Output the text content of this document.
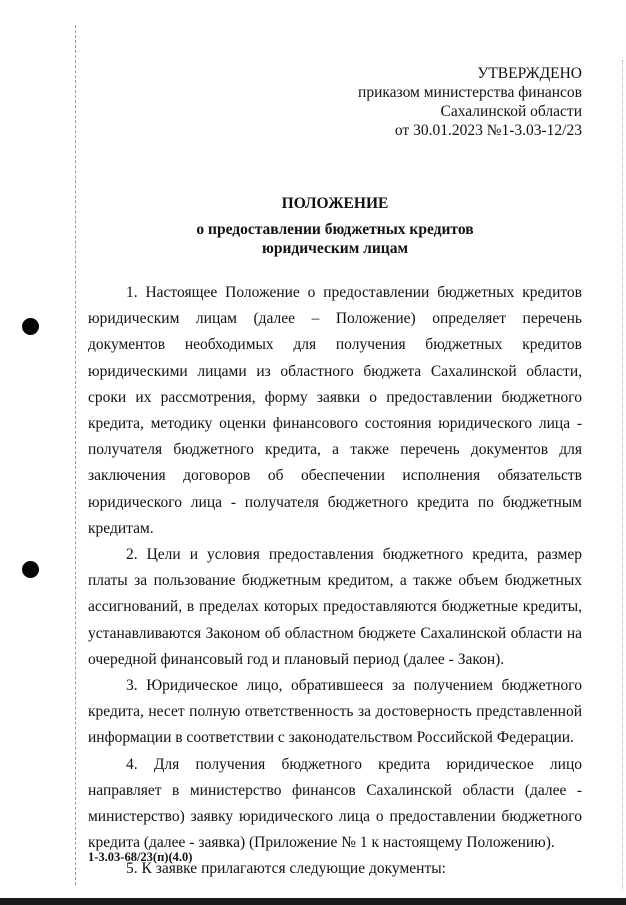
УТВЕРЖДЕНО
приказом министерства финансов
Сахалинской области
от 30.01.2023 №1-3.03-12/23
ПОЛОЖЕНИЕ
о предоставлении бюджетных кредитов
юридическим лицам

1. Настоящее Положение о предоставлении бюджетных кредитов юридическим лицам (далее – Положение) определяет перечень документов необходимых для получения бюджетных кредитов юридическими лицами из областного бюджета Сахалинской области, сроки их рассмотрения, форму заявки о предоставлении бюджетного кредита, методику оценки финансового состояния юридического лица - получателя бюджетного кредита, а также перечень документов для заключения договоров об обеспечении исполнения обязательств юридического лица - получателя бюджетного кредита по бюджетным кредитам.

2. Цели и условия предоставления бюджетного кредита, размер платы за пользование бюджетным кредитом, а также объем бюджетных ассигнований, в пределах которых предоставляются бюджетные кредиты, устанавливаются Законом об областном бюджете Сахалинской области на очередной финансовый год и плановый период (далее - Закон).

3. Юридическое лицо, обратившееся за получением бюджетного кредита, несет полную ответственность за достоверность представленной информации в соответствии с законодательством Российской Федерации.

4. Для получения бюджетного кредита юридическое лицо направляет в министерство финансов Сахалинской области (далее - министерство) заявку юридического лица о предоставлении бюджетного кредита (далее - заявка) (Приложение № 1 к настоящему Положению).

5. К заявке прилагаются следующие документы:

1-3.03-68/23(п)(4.0)
